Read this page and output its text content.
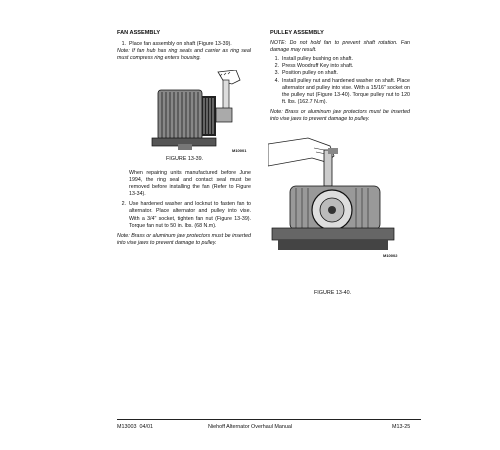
FAN ASSEMBLY
1. Place fan assembly on shaft (Figure 13-39).
Note: If fan hub has ring seals and carrier as ring seal must compress ring enters housing.
M10001
FIGURE 13-39.
When repairing units manufactured before June 1994, the ring seal and contact seal must be removed before installing the fan (Refer to Figure 13-34).
2. Use hardened washer and locknut to fasten fan to alternator. Place alternator and pulley into vise. With a 3/4" socket, tighten fan nut (Figure 13-39). Torque fan nut to 50 in. lbs. (68 N.m).
Note: Brass or aluminum jaw protectors must be inserted into vise jaws to prevent damage to pulley.
PULLEY ASSEMBLY
NOTE: Do not hold fan to prevent shaft rotation. Fan damage may result.
1. Install pulley bushing on shaft.
2. Press Woodruff Key into shaft.
3. Position pulley on shaft.
4. Install pulley nut and hardened washer on shaft. Place alternator and pulley into vise. With a 15/16" socket on the pulley nut (Figure 13-40). Torque pulley nut to 120 ft. lbs. (162.7 N.m).
Note: Brass or aluminum jaw protectors must be inserted into vise jaws to prevent damage to pulley.
M10002
FIGURE 13-40.
M13003  04/01	Niehoff Alternator Overhaul Manual	M13-25
